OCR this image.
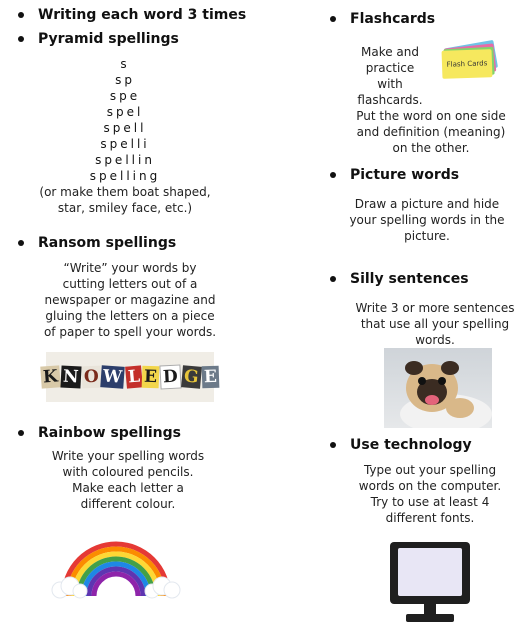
Writing each word 3 times
Pyramid spellings
s
sp
spe
spel
spell
spelli
spellin
spelling
(or make them boat shaped,
star, smiley face, etc.)
Ransom spellings
“Write” your words by
cutting letters out of a
newspaper or magazine and
gluing the letters on a piece
of paper to spell your words.
K N O W L E D G E
Rainbow spellings
Write your spelling words
with coloured pencils.
Make each letter a
different colour.
Flashcards
Make and
practice
with
flashcards.
Flash Cards
Put the word on one side
and definition (meaning)
on the other.
Picture words
Draw a picture and hide
your spelling words in the
picture.
Silly sentences
Write 3 or more sentences
that use all your spelling
words.
Use technology
Type out your spelling
words on the computer.
Try to use at least 4
different fonts.
